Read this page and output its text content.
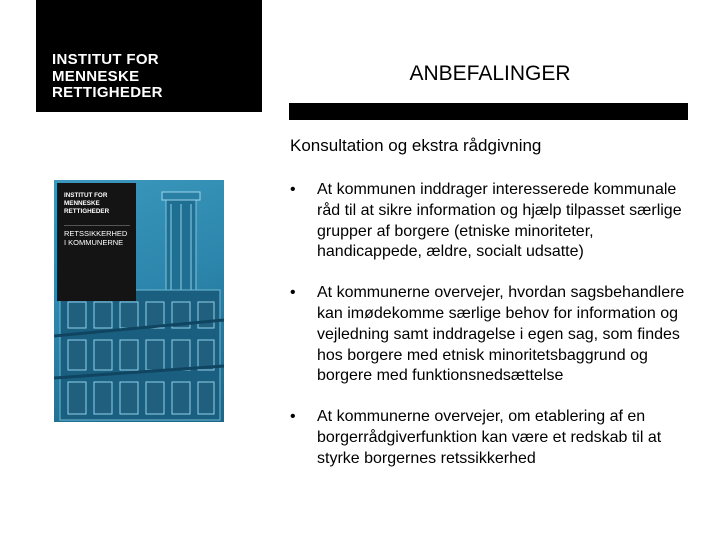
INSTITUT FOR
MENNESKE
RETTIGHEDER

ANBEFALINGER

Konsultation og ekstra rådgivning

INSTITUT FOR
MENNESKE
RETTIGHEDER

RETSSIKKERHED
I KOMMUNERNE

•	At kommunen inddrager interesserede kommunale råd til at sikre information og hjælp tilpasset særlige grupper af borgere (etniske minoriteter, handicappede, ældre, socialt udsatte)
•	At kommunerne overvejer, hvordan sagsbehandlere kan imødekomme særlige behov for information og vejledning samt inddragelse i egen sag, som findes hos borgere med etnisk minoritetsbaggrund og borgere med funktionsnedsættelse
•	At kommunerne overvejer, om etablering af en borgerrådgiverfunktion kan være et redskab til at styrke borgernes retssikkerhed
